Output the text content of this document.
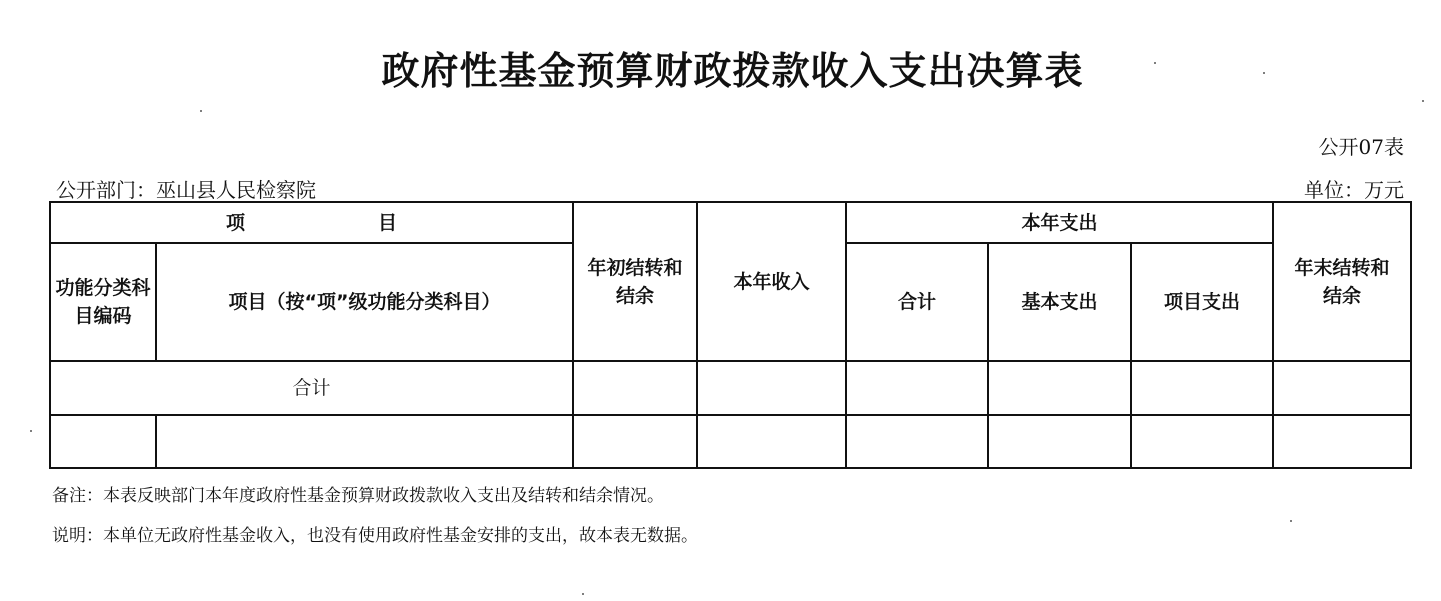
政府性基金预算财政拨款收入支出决算表
公开07表
公开部门：巫山县人民检察院	单位：万元
项　　　　　　　目		年初结转和结余	本年收入	本年支出			年末结转和结余
功能分类科目编码	项目（按“项”级功能分类科目）			合计	基本支出	项目支出	
合计							

备注：本表反映部门本年度政府性基金预算财政拨款收入支出及结转和结余情况。
说明：本单位无政府性基金收入，也没有使用政府性基金安排的支出，故本表无数据。
